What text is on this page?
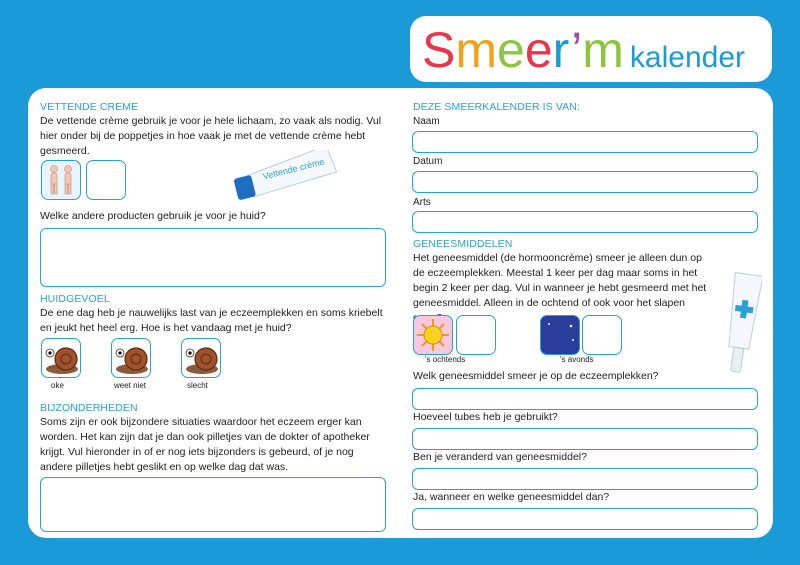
Smeer’m kalender
VETTENDE CREME
De vettende crème gebruik je voor je hele lichaam, zo vaak als nodig. Vul hier onder bij de poppetjes in hoe vaak je met de vettende crème hebt gesmeerd.
Vettende crème
Welke andere producten gebruik je voor je huid?
HUIDGEVOEL
De ene dag heb je nauwelijks last van je eczeemplekken en soms kriebelt en jeukt het heel erg. Hoe is het vandaag met je huid?
oke	weet niet	slecht
BIJZONDERHEDEN
Soms zijn er ook bijzondere situaties waardoor het eczeem erger kan worden. Het kan zijn dat je dan ook pilletjes van de dokter of apotheker krijgt. Vul hieronder in of er nog iets bijzonders is gebeurd, of je nog andere pilletjes hebt geslikt en op welke dag dat was.
DEZE SMEERKALENDER IS VAN:
Naam
Datum
Arts
GENEESMIDDELEN
Het geneesmiddel (de hormooncrème) smeer je alleen dun op de eczeemplekken. Meestal 1 keer per dag maar soms in het begin 2 keer per dag. Vul in wanneer je hebt gesmeerd met het geneesmiddel. Alleen in de ochtend of ook voor het slapen
's ochtends	's avonds
Welk geneesmiddel smeer je op de eczeemplekken?
Hoeveel tubes heb je gebruikt?
Ben je veranderd van geneesmiddel?
Ja, wanneer en welke geneesmiddel dan?
